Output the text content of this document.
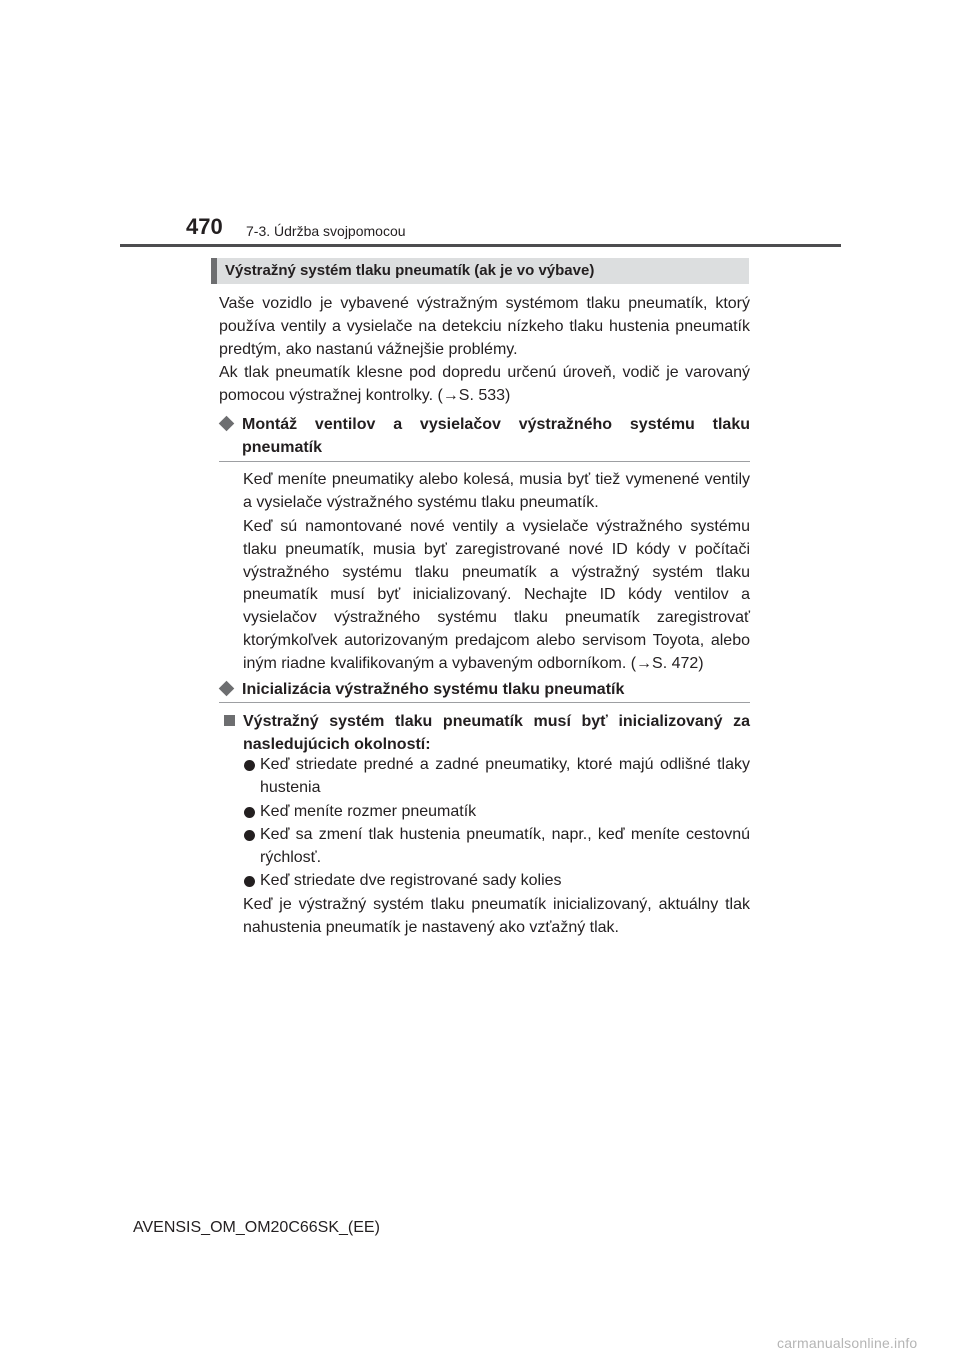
470 7-3. Údržba svojpomocou
Výstražný systém tlaku pneumatík (ak je vo výbave)

Vaše vozidlo je vybavené výstražným systémom tlaku pneumatík, ktorý používa ventily a vysielače na detekciu nízkeho tlaku hustenia pneumatík predtým, ako nastanú vážnejšie problémy.

Ak tlak pneumatík klesne pod dopredu určenú úroveň, vodič je varovaný pomocou výstražnej kontrolky. (→S. 533)

Montáž ventilov a vysielačov výstražného systému tlaku pneumatík

Keď meníte pneumatiky alebo kolesá, musia byť tiež vymenené ventily a vysielače výstražného systému tlaku pneumatík.

Keď sú namontované nové ventily a vysielače výstražného systému tlaku pneumatík, musia byť zaregistrované nové ID kódy v počítači výstražného systému tlaku pneumatík a výstražný systém tlaku pneumatík musí byť inicializovaný. Nechajte ID kódy ventilov a vysielačov výstražného systému tlaku pneumatík zaregistrovať ktorýmkoľvek autorizovaným predajcom alebo servisom Toyota, alebo iným riadne kvalifikovaným a vybaveným odborníkom. (→S. 472)

Inicializácia výstražného systému tlaku pneumatík
Výstražný systém tlaku pneumatík musí byť inicializovaný za nasledujúcich okolností:
Keď striedate predné a zadné pneumatiky, ktoré majú odlišné tlaky hustenia
Keď meníte rozmer pneumatík
Keď sa zmení tlak hustenia pneumatík, napr., keď meníte cestovnú rýchlosť.
Keď striedate dve registrované sady kolies

Keď je výstražný systém tlaku pneumatík inicializovaný, aktuálny tlak nahustenia pneumatík je nastavený ako vzťažný tlak.

AVENSIS_OM_OM20C66SK_(EE)
carmanualsonline.info
